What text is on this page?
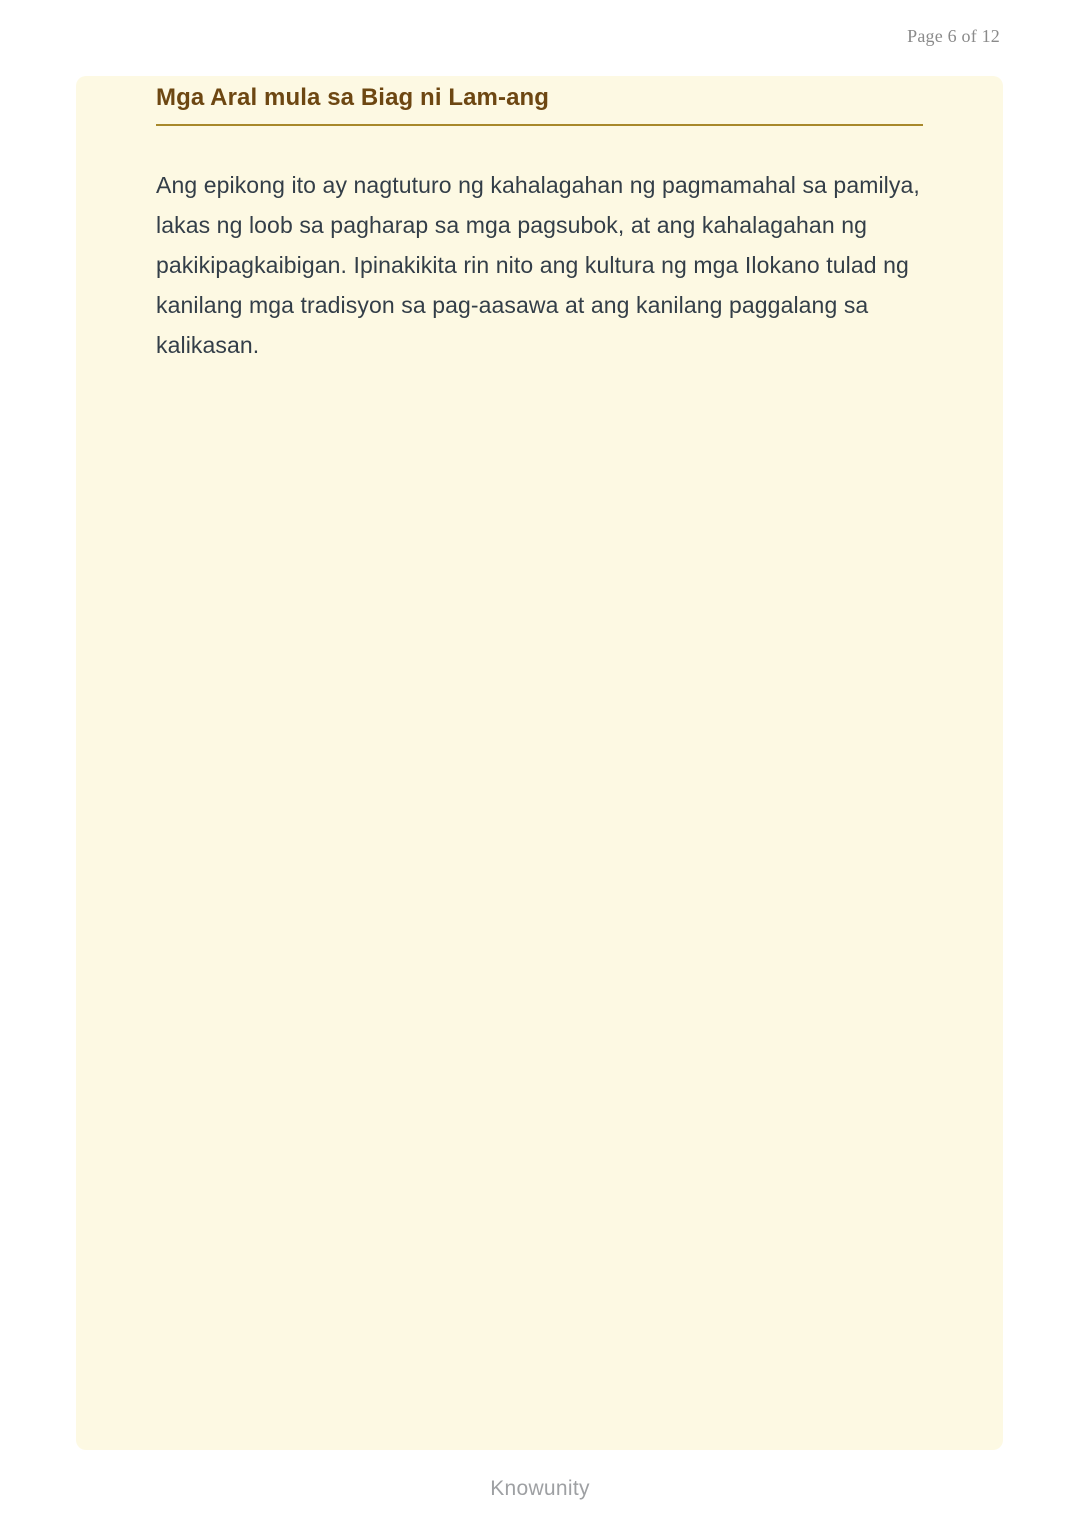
Page 6 of 12
Mga Aral mula sa Biag ni Lam-ang

Ang epikong ito ay nagtuturo ng kahalagahan ng pagmamahal sa pamilya, lakas ng loob sa pagharap sa mga pagsubok, at ang kahalagahan ng pakikipagkaibigan. Ipinakikita rin nito ang kultura ng mga Ilokano tulad ng kanilang mga tradisyon sa pag-aasawa at ang kanilang paggalang sa kalikasan.

Knowunity
